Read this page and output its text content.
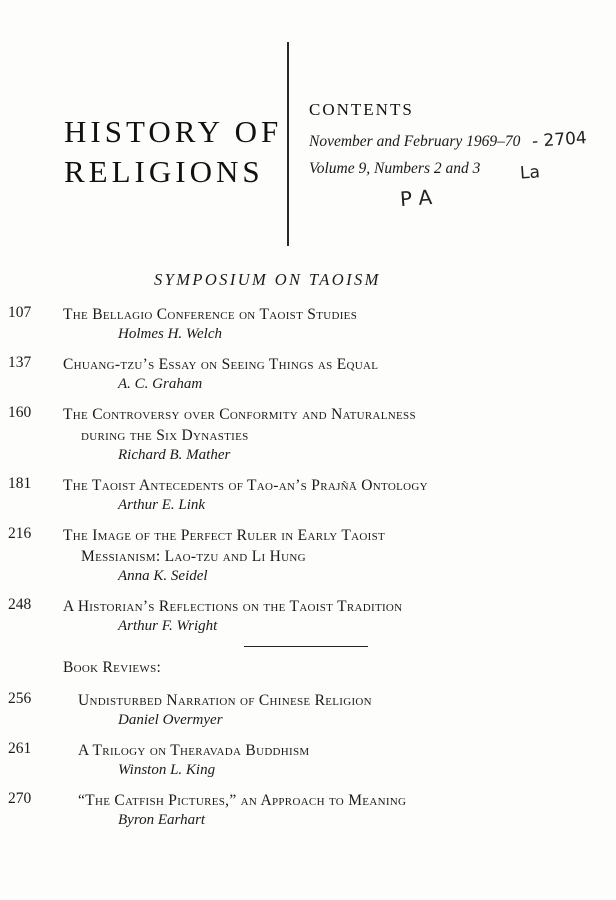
HISTORY OF
RELIGIONS
CONTENTS

November and February 1969–70

Volume 9, Numbers 2 and 3

- 2704
La
P A
SYMPOSIUM ON TAOISM
107	The Bellagio Conference on Taoist Studies
Holmes H. Welch
137	Chuang-tzu’s Essay on Seeing Things as Equal
A. C. Graham
160	The Controversy over Conformity and Naturalness
during the Six Dynasties
Richard B. Mather
181	The Taoist Antecedents of Tao-an’s Prajñā Ontology
Arthur E. Link
216	The Image of the Perfect Ruler in Early Taoist
Messianism: Lao-tzu and Li Hung
Anna K. Seidel
248	A Historian’s Reflections on the Taoist Tradition
Arthur F. Wright
Book Reviews:
256	Undisturbed Narration of Chinese Religion
Daniel Overmyer
261	A Trilogy on Theravada Buddhism
Winston L. King
270	“The Catfish Pictures,” an Approach to Meaning
Byron Earhart
